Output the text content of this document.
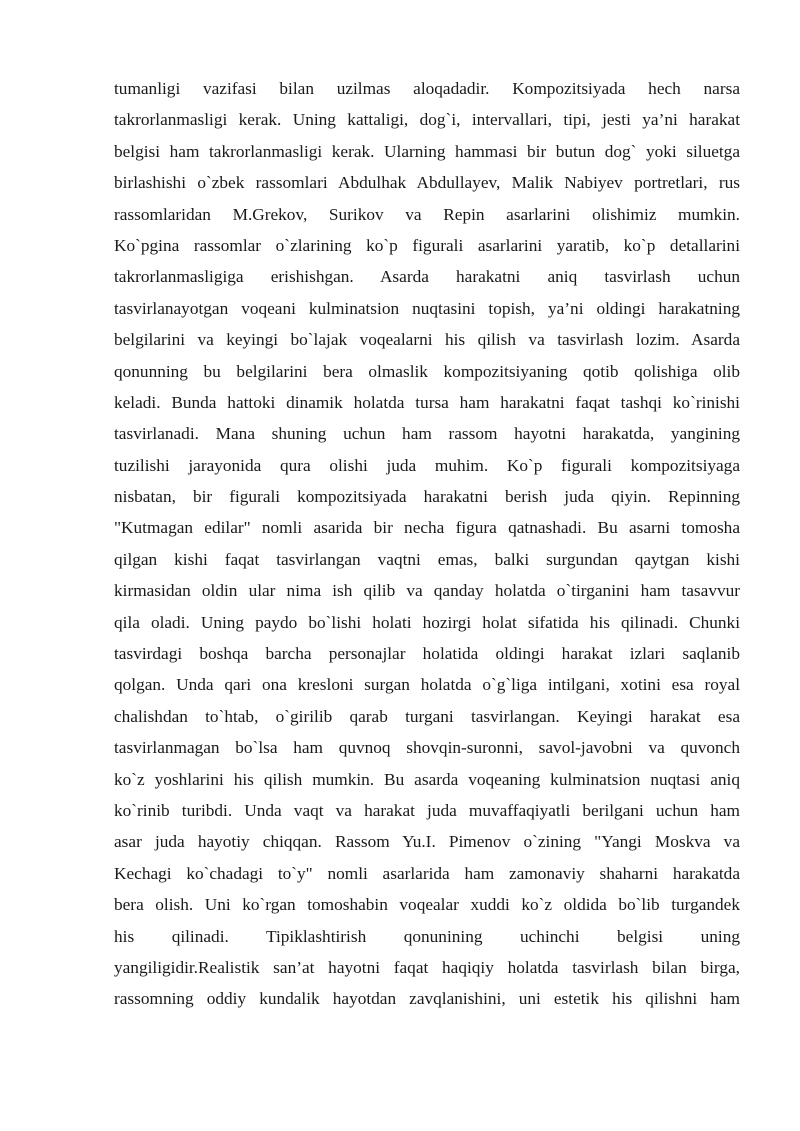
tumanligi vazifasi bilan uzilmas aloqadadir. Kompozitsiyada hech narsa
takrorlanmasligi kerak. Uning kattaligi, dog`i, intervallari, tipi, jesti ya’ni harakat
belgisi ham takrorlanmasligi kerak. Ularning hammasi bir butun dog` yoki siluetga
birlashishi o`zbek rassomlari Abdulhak Abdullayev, Malik Nabiyev portretlari, rus
rassomlaridan M.Grekov, Surikov va Repin asarlarini olishimiz mumkin.
Ko`pgina rassomlar o`zlarining ko`p figurali asarlarini yaratib, ko`p detallarini
takrorlanmasligiga erishishgan. Asarda harakatni aniq tasvirlash uchun
tasvirlanayotgan voqeani kulminatsion nuqtasini topish, ya’ni oldingi harakatning
belgilarini va keyingi bo`lajak voqealarni his qilish va tasvirlash lozim. Asarda
qonunning bu belgilarini bera olmaslik kompozitsiyaning qotib qolishiga olib
keladi. Bunda hattoki dinamik holatda tursa ham harakatni faqat tashqi ko`rinishi
tasvirlanadi. Mana shuning uchun ham rassom hayotni harakatda, yangining
tuzilishi jarayonida qura olishi juda muhim. Ko`p figurali kompozitsiyaga
nisbatan, bir figurali kompozitsiyada harakatni berish juda qiyin. Repinning
"Kutmagan edilar" nomli asarida bir necha figura qatnashadi. Bu asarni tomosha
qilgan kishi faqat tasvirlangan vaqtni emas, balki surgundan qaytgan kishi
kirmasidan oldin ular nima ish qilib va qanday holatda o`tirganini ham tasavvur
qila oladi. Uning paydo bo`lishi holati hozirgi holat sifatida his qilinadi. Chunki
tasvirdagi boshqa barcha personajlar holatida oldingi harakat izlari saqlanib
qolgan. Unda qari ona kresloni surgan holatda o`g`liga intilgani, xotini esa royal
chalishdan to`htab, o`girilib qarab turgani tasvirlangan. Keyingi harakat esa
tasvirlanmagan bo`lsa ham quvnoq shovqin-suronni, savol-javobni va quvonch
ko`z yoshlarini his qilish mumkin. Bu asarda voqeaning kulminatsion nuqtasi aniq
ko`rinib turibdi. Unda vaqt va harakat juda muvaffaqiyatli berilgani uchun ham
asar juda hayotiy chiqqan. Rassom Yu.I. Pimenov o`zining "Yangi Moskva va
Kechagi ko`chadagi to`y" nomli asarlarida ham zamonaviy shaharni harakatda
bera olish. Uni ko`rgan tomoshabin voqealar xuddi ko`z oldida bo`lib turgandek
his qilinadi. Tipiklashtirish qonunining uchinchi belgisi uning
yangiligidir.Realistik san’at hayotni faqat haqiqiy holatda tasvirlash bilan birga,
rassomning oddiy kundalik hayotdan zavqlanishini, uni estetik his qilishni ham
